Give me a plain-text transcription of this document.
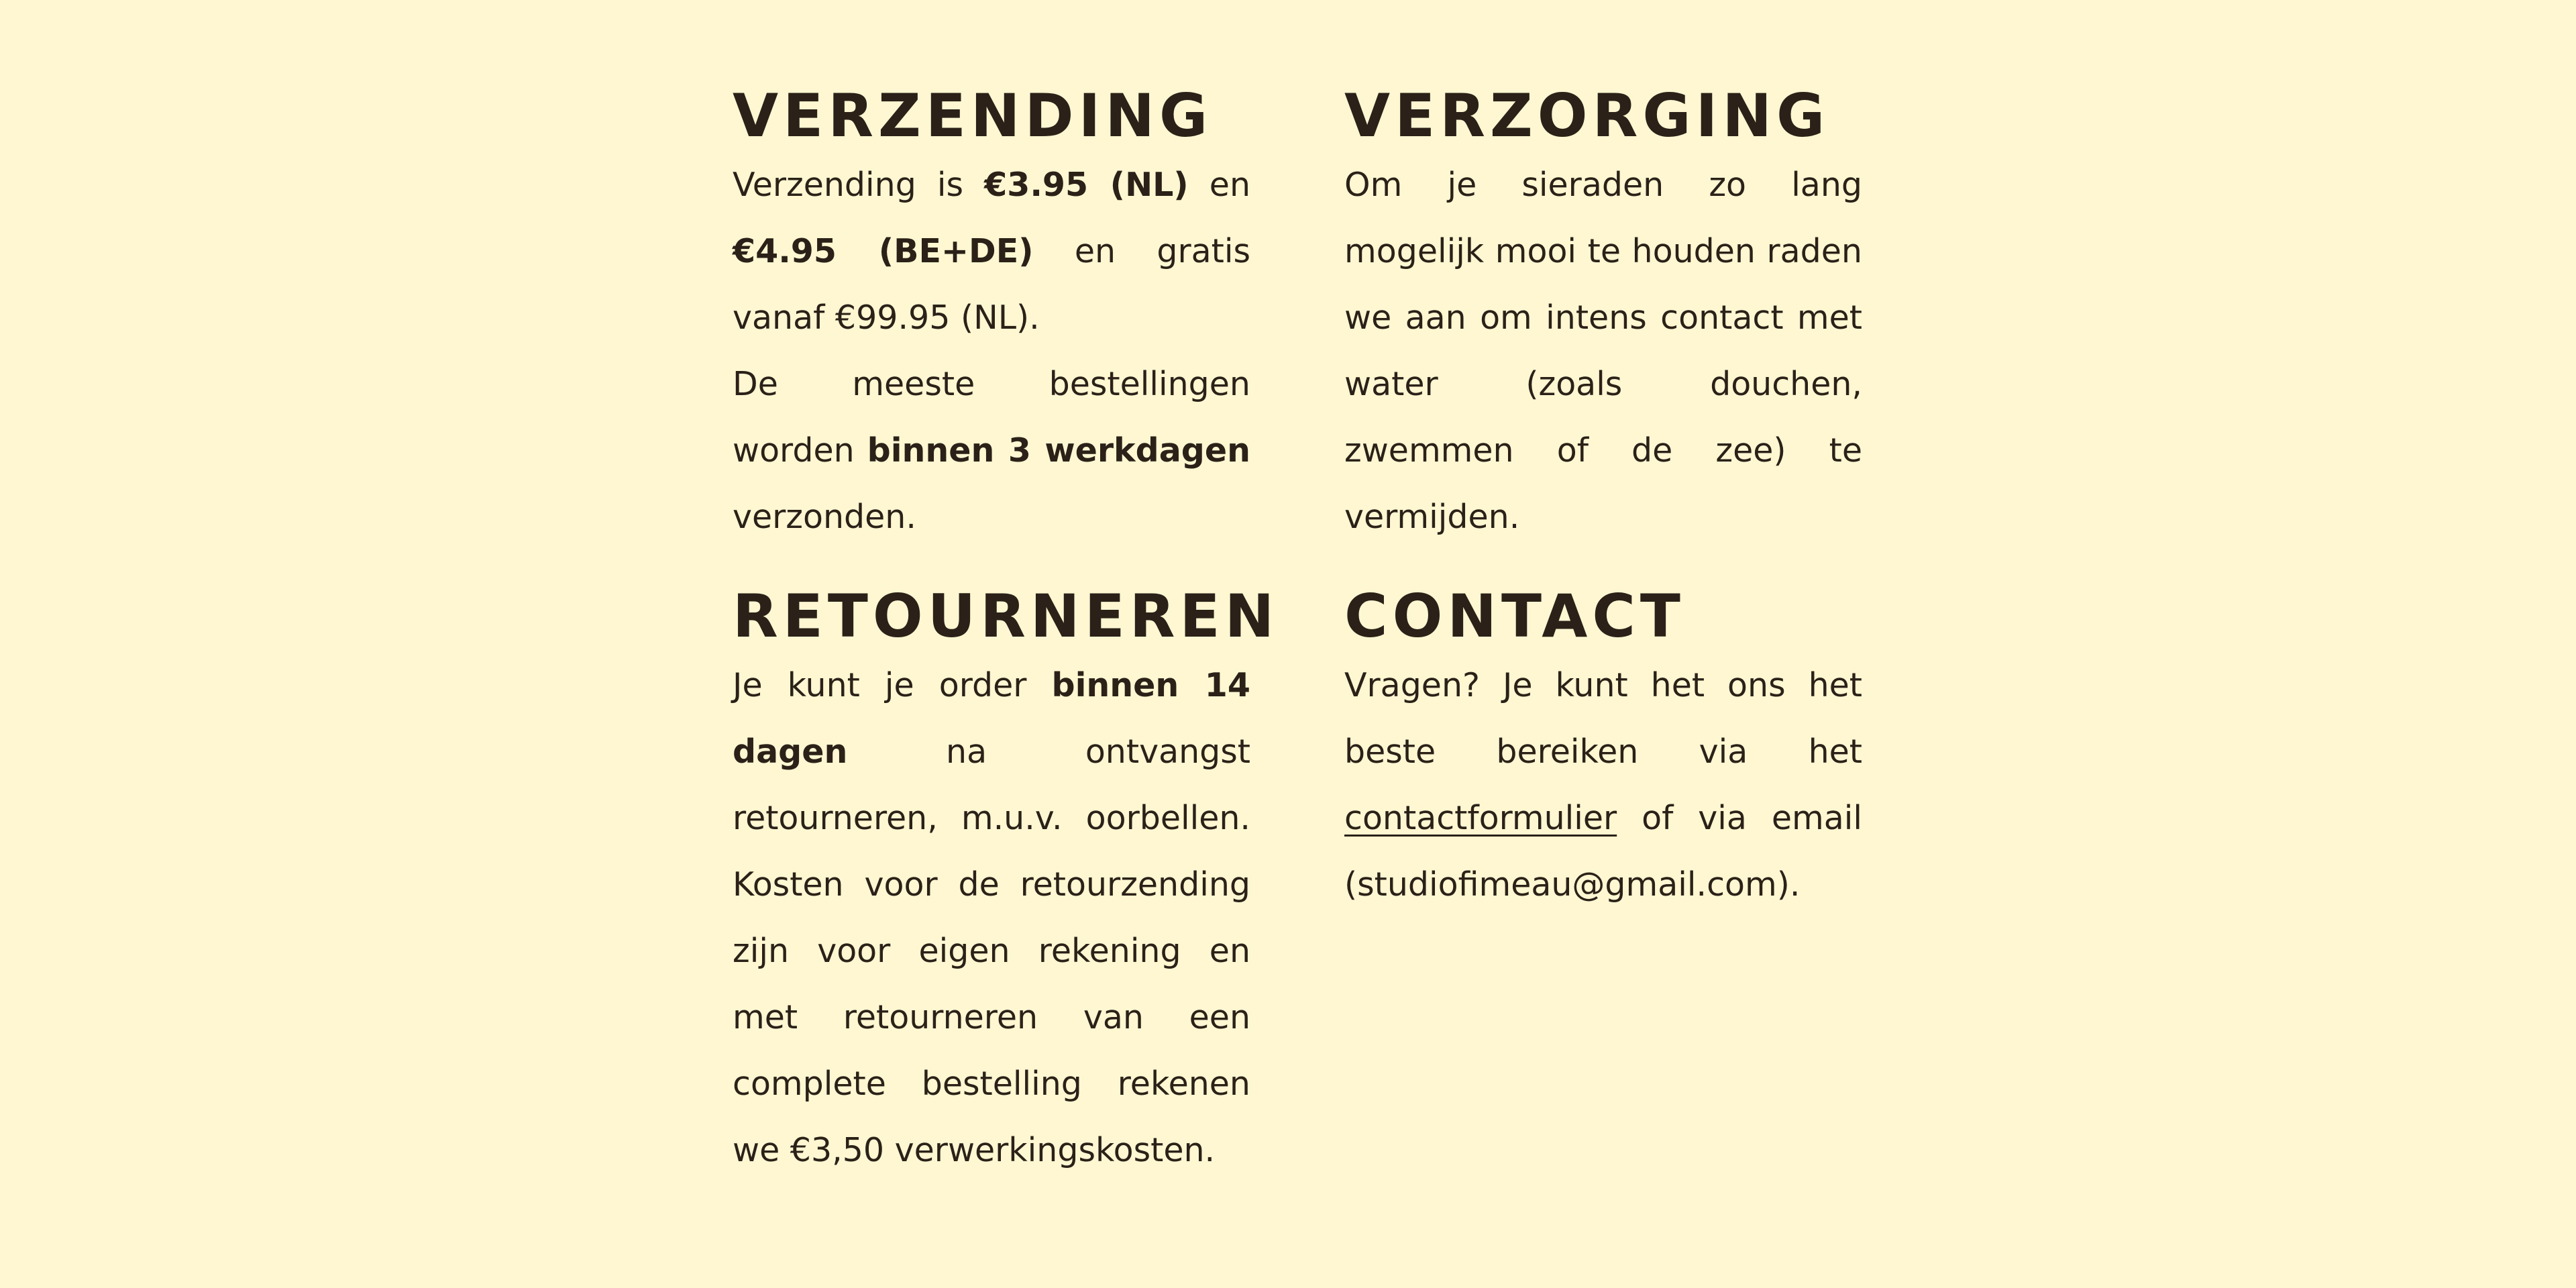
VERZENDING

Verzending is €3.95 (NL) en €4.95 (BE+DE) en gratis vanaf €99.95 (NL).

De meeste bestellingen worden binnen 3 werkdagen verzonden.

VERZORGING

Om je sieraden zo lang mogelijk mooi te houden raden we aan om intens contact met water (zoals douchen, zwemmen of de zee) te vermijden.

RETOURNEREN

Je kunt je order binnen 14 dagen na ontvangst retourneren, m.u.v. oorbellen. Kosten voor de retourzending zijn voor eigen rekening en met retourneren van een complete bestelling rekenen we €3,50 verwerkingskosten.

CONTACT

Vragen? Je kunt het ons het beste bereiken via het contactformulier of via email (studiofimeau@gmail.com).
